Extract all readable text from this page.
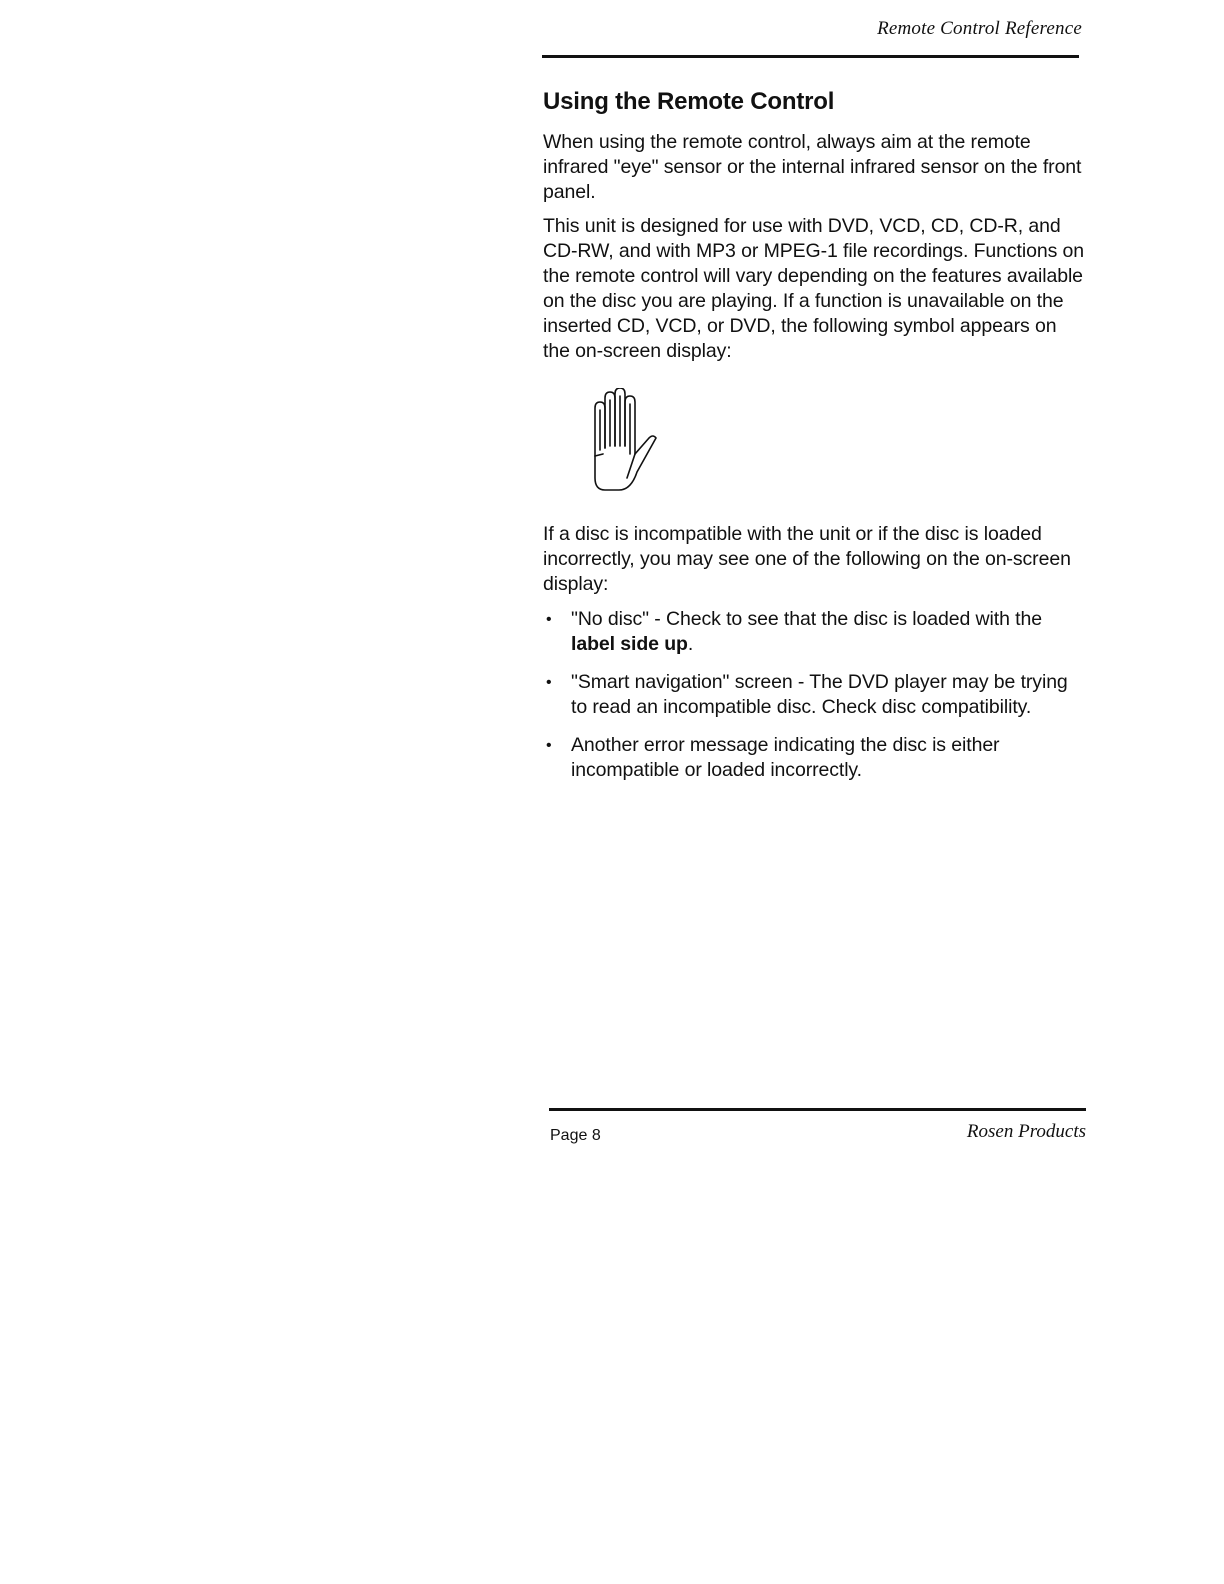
Remote Control Reference
Using the Remote Control

When using the remote control, always aim at the remote infrared "eye" sensor or the internal infrared sensor on the front panel.

This unit is designed for use with DVD, VCD, CD, CD-R, and CD-RW, and with MP3 or MPEG-1 file recordings. Functions on the remote control will vary depending on the features available on the disc you are playing. If a function is unavailable on the inserted CD, VCD, or DVD, the following symbol appears on the on-screen display:

If a disc is incompatible with the unit or if the disc is loaded incorrectly, you may see one of the following on the on-screen display:

• "No disc" - Check to see that the disc is loaded with the label side up.
• "Smart navigation" screen - The DVD player may be trying to read an incompatible disc. Check disc compatibility.
• Another error message indicating the disc is either incompatible or loaded incorrectly.
Page 8	Rosen Products
